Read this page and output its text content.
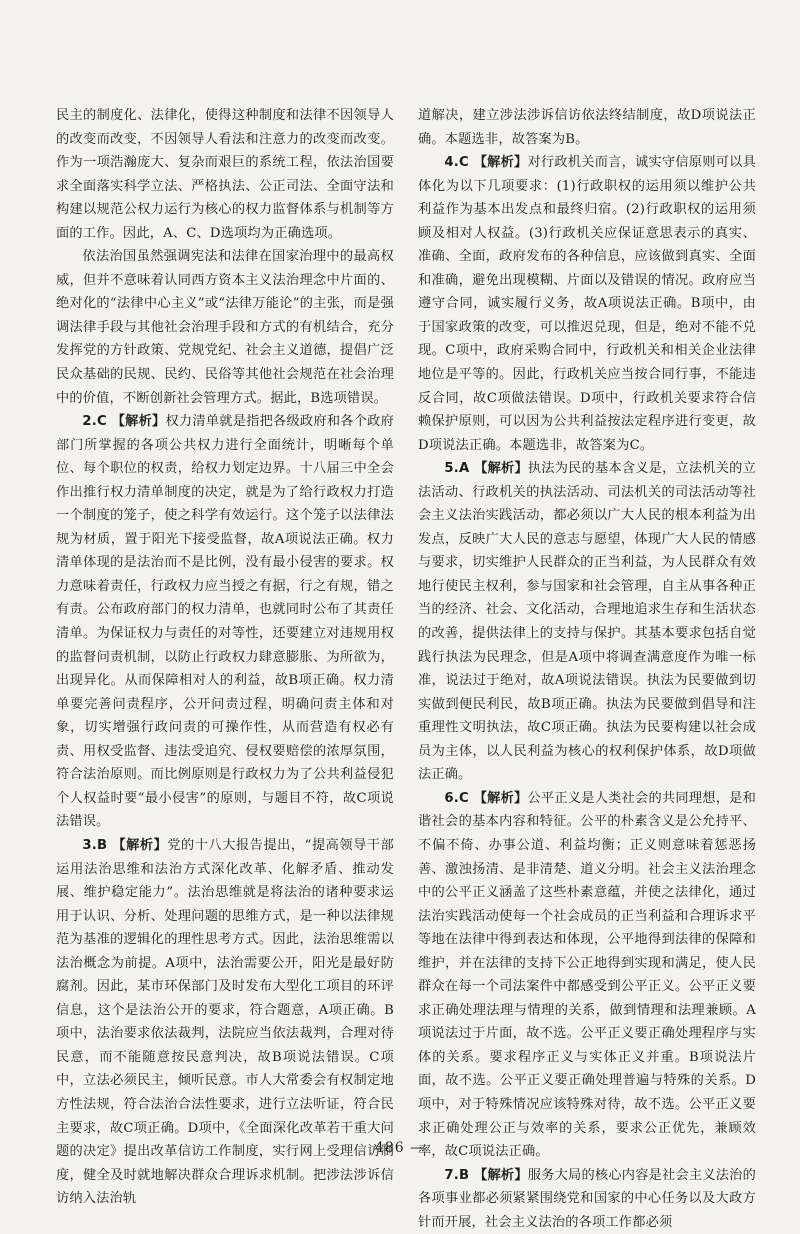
民主的制度化、法律化，使得这种制度和法律不因领导人的改变而改变，不因领导人看法和注意力的改变而改变。作为一项浩瀚庞大、复杂而艰巨的系统工程，依法治国要求全面落实科学立法、严格执法、公正司法、全面守法和构建以规范公权力运行为核心的权力监督体系与机制等方面的工作。因此，A、C、D选项均为正确选项。

依法治国虽然强调宪法和法律在国家治理中的最高权威，但并不意味着认同西方资本主义法治理念中片面的、绝对化的“法律中心主义”或“法律万能论”的主张，而是强调法律手段与其他社会治理手段和方式的有机结合，充分发挥党的方针政策、党规党纪、社会主义道德，提倡广泛民众基础的民规、民约、民俗等其他社会规范在社会治理中的价值，不断创新社会管理方式。据此，B选项错误。

2.C 【解析】权力清单就是指把各级政府和各个政府部门所掌握的各项公共权力进行全面统计，明晰每个单位、每个职位的权责，给权力划定边界。十八届三中全会作出推行权力清单制度的决定，就是为了给行政权力打造一个制度的笼子，使之科学有效运行。这个笼子以法律法规为材质，置于阳光下接受监督，故A项说法正确。权力清单体现的是法治而不是比例，没有最小侵害的要求。权力意味着责任，行政权力应当授之有据，行之有规，错之有责。公布政府部门的权力清单，也就同时公布了其责任清单。为保证权力与责任的对等性，还要建立对违规用权的监督问责机制，以防止行政权力肆意膨胀、为所欲为，出现异化。从而保障相对人的利益，故B项正确。权力清单要完善问责程序，公开问责过程，明确问责主体和对象，切实增强行政问责的可操作性，从而营造有权必有责、用权受监督、违法受追究、侵权要赔偿的浓厚氛围，符合法治原则。而比例原则是行政权力为了公共利益侵犯个人权益时要“最小侵害”的原则，与题目不符，故C项说法错误。

3.B 【解析】党的十八大报告提出，“提高领导干部运用法治思维和法治方式深化改革、化解矛盾、推动发展、维护稳定能力”。法治思维就是将法治的诸种要求运用于认识、分析、处理问题的思维方式，是一种以法律规范为基准的逻辑化的理性思考方式。因此，法治思维需以法治概念为前提。A项中，法治需要公开，阳光是最好防腐剂。因此，某市环保部门及时发布大型化工项目的环评信息，这个是法治公开的要求，符合题意，A项正确。B项中，法治要求依法裁判，法院应当依法裁判，合理对待民意，而不能随意按民意判决，故B项说法错误。C项中，立法必须民主，倾听民意。市人大常委会有权制定地方性法规，符合法治合法性要求，进行立法听证，符合民主要求，故C项正确。D项中，《全面深化改革若干重大问题的决定》提出改革信访工作制度，实行网上受理信访制度，健全及时就地解决群众合理诉求机制。把涉法涉诉信访纳入法治轨

道解决，建立涉法涉诉信访依法终结制度，故D项说法正确。本题选非，故答案为B。

4.C 【解析】对行政机关而言，诚实守信原则可以具体化为以下几项要求：(1)行政职权的运用须以维护公共利益作为基本出发点和最终归宿。(2)行政职权的运用须顾及相对人权益。(3)行政机关应保证意思表示的真实、准确、全面，政府发布的各种信息，应该做到真实、全面和准确，避免出现模糊、片面以及错误的情况。政府应当遵守合同，诚实履行义务，故A项说法正确。B项中，由于国家政策的改变，可以推迟兑现，但是，绝对不能不兑现。C项中，政府采购合同中，行政机关和相关企业法律地位是平等的。因此，行政机关应当按合同行事，不能违反合同，故C项做法错误。D项中，行政机关要求符合信赖保护原则，可以因为公共利益按法定程序进行变更，故D项说法正确。本题选非，故答案为C。

5.A 【解析】执法为民的基本含义是，立法机关的立法活动、行政机关的执法活动、司法机关的司法活动等社会主义法治实践活动，都必须以广大人民的根本利益为出发点，反映广大人民的意志与愿望，体现广大人民的情感与要求，切实维护人民群众的正当利益，为人民群众有效地行使民主权利，参与国家和社会管理，自主从事各种正当的经济、社会、文化活动，合理地追求生存和生活状态的改善，提供法律上的支持与保护。其基本要求包括自觉践行执法为民理念，但是A项中将调查满意度作为唯一标准，说法过于绝对，故A项说法错误。执法为民要做到切实做到便民利民，故B项正确。执法为民要做到倡导和注重理性文明执法，故C项正确。执法为民要构建以社会成员为主体，以人民利益为核心的权利保护体系，故D项做法正确。

6.C 【解析】公平正义是人类社会的共同理想，是和谐社会的基本内容和特征。公平的朴素含义是公允持平、不偏不倚、办事公道、利益均衡；正义则意味着惩恶扬善、激浊扬清、是非清楚、道义分明。社会主义法治理念中的公平正义涵盖了这些朴素意蕴，并使之法律化，通过法治实践活动使每一个社会成员的正当利益和合理诉求平等地在法律中得到表达和体现，公平地得到法律的保障和维护，并在法律的支持下公正地得到实现和满足，使人民群众在每一个司法案件中都感受到公平正义。公平正义要求正确处理法理与情理的关系，做到情理和法理兼顾。A项说法过于片面，故不选。公平正义要正确处理程序与实体的关系。要求程序正义与实体正义并重。B项说法片面，故不选。公平正义要正确处理普遍与特殊的关系。D项中，对于特殊情况应该特殊对待，故不选。公平正义要求正确处理公正与效率的关系，要求公正优先，兼顾效率，故C项说法正确。

7.B 【解析】服务大局的核心内容是社会主义法治的各项事业都必须紧紧围绕党和国家的中心任务以及大政方针而开展，社会主义法治的各项工作都必须

486 —
